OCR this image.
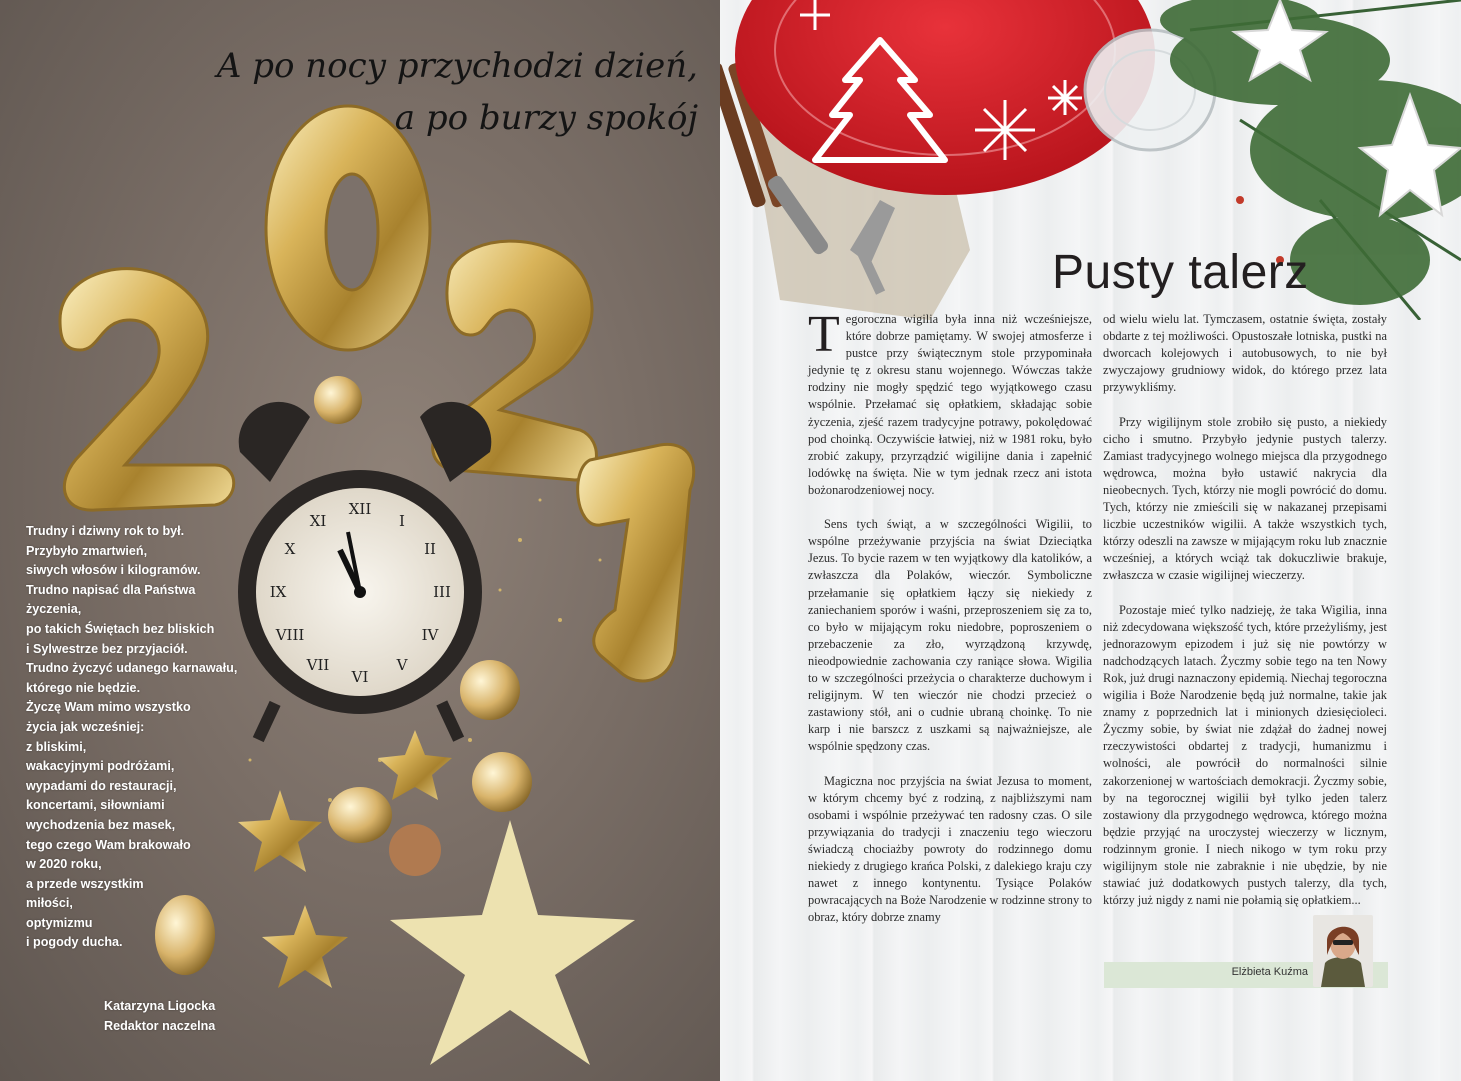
XII
III
VI
IX
I
II
IV
V
VII
VIII
X
XI
A po nocy przychodzi dzień,
a po burzy spokój
Trudny i dziwny rok to był.
Przybyło zmartwień,
siwych włosów i kilogramów.
Trudno napisać dla Państwa
życzenia,
po takich Świętach bez bliskich
i Sylwestrze bez przyjaciół.
Trudno życzyć udanego karnawału,
którego nie będzie.
Życzę Wam mimo wszystko
życia jak wcześniej:
z bliskimi,
wakacyjnymi podróżami,
wypadami do restauracji,
koncertami, siłowniami
wychodzenia bez masek,
tego czego Wam brakowało
w 2020 roku,
a przede wszystkim
miłości,
optymizmu
i pogody ducha.
Katarzyna Ligocka
Redaktor naczelna
Pusty talerz

Tegoroczna wigilia była inna niż wcześniejsze, które dobrze pamiętamy. W swojej atmosferze i pustce przy świątecznym stole przypominała jedynie tę z okresu stanu wojennego. Wówczas także rodziny nie mogły spędzić tego wyjątkowego czasu wspólnie. Przełamać się opłatkiem, składając sobie życzenia, zjeść razem tradycyjne potrawy, pokolędować pod choinką. Oczywiście łatwiej, niż w 1981 roku, było zrobić zakupy, przyrządzić wigilijne dania i zapełnić lodówkę na święta. Nie w tym jednak rzecz ani istota bożonarodzeniowej nocy.

Sens tych świąt, a w szczególności Wigilii, to wspólne przeżywanie przyjścia na świat Dzieciątka Jezus. To bycie razem w ten wyjątkowy dla katolików, a zwłaszcza dla Polaków, wieczór. Symboliczne przełamanie się opłatkiem łączy się niekiedy z zaniechaniem sporów i waśni, przeproszeniem się za to, co było w mijającym roku niedobre, poproszeniem o przebaczenie za zło, wyrządzoną krzywdę, nieodpowiednie zachowania czy raniące słowa. Wigilia to w szczególności przeżycia o charakterze duchowym i religijnym. W ten wieczór nie chodzi przecież o zastawiony stół, ani o cudnie ubraną choinkę. To nie karp i nie barszcz z uszkami są najważniejsze, ale wspólnie spędzony czas.

Magiczna noc przyjścia na świat Jezusa to moment, w którym chcemy być z rodziną, z najbliższymi nam osobami i wspólnie przeżywać ten radosny czas. O sile przywiązania do tradycji i znaczeniu tego wieczoru świadczą chociażby powroty do rodzinnego domu niekiedy z drugiego krańca Polski, z dalekiego kraju czy nawet z innego kontynentu. Tysiące Polaków powracających na Boże Narodzenie w rodzinne strony to obraz, który dobrze znamy

od wielu wielu lat. Tymczasem, ostatnie święta, zostały obdarte z tej możliwości. Opustoszałe lotniska, pustki na dworcach kolejowych i autobusowych, to nie był zwyczajowy grudniowy widok, do którego przez lata przywykliśmy.

Przy wigilijnym stole zrobiło się pusto, a niekiedy cicho i smutno. Przybyło jedynie pustych talerzy. Zamiast tradycyjnego wolnego miejsca dla przygodnego wędrowca, można było ustawić nakrycia dla nieobecnych. Tych, którzy nie mogli powrócić do domu. Tych, którzy nie zmieścili się w nakazanej przepisami liczbie uczestników wigilii. A także wszystkich tych, którzy odeszli na zawsze w mijającym roku lub znacznie wcześniej, a których wciąż tak dokuczliwie brakuje, zwłaszcza w czasie wigilijnej wieczerzy.

Pozostaje mieć tylko nadzieję, że taka Wigilia, inna niż zdecydowana większość tych, które przeżyliśmy, jest jednorazowym epizodem i już się nie powtórzy w nadchodzących latach. Życzmy sobie tego na ten Nowy Rok, już drugi naznaczony epidemią. Niechaj tegoroczna wigilia i Boże Narodzenie będą już normalne, takie jak znamy z poprzednich lat i minionych dziesięcioleci. Życzmy sobie, by świat nie zdążał do żadnej nowej rzeczywistości obdartej z tradycji, humanizmu i wolności, ale powrócił do normalności silnie zakorzenionej w wartościach demokracji. Życzmy sobie, by na tegorocznej wigilii był tylko jeden talerz zostawiony dla przygodnego wędrowca, którego można będzie przyjąć na uroczystej wieczerzy w licznym, rodzinnym gronie. I niech nikogo w tym roku przy wigilijnym stole nie zabraknie i nie ubędzie, by nie stawiać już dodatkowych pustych talerzy, dla tych, którzy już nigdy z nami nie połamią się opłatkiem...

Elżbieta Kuźma
